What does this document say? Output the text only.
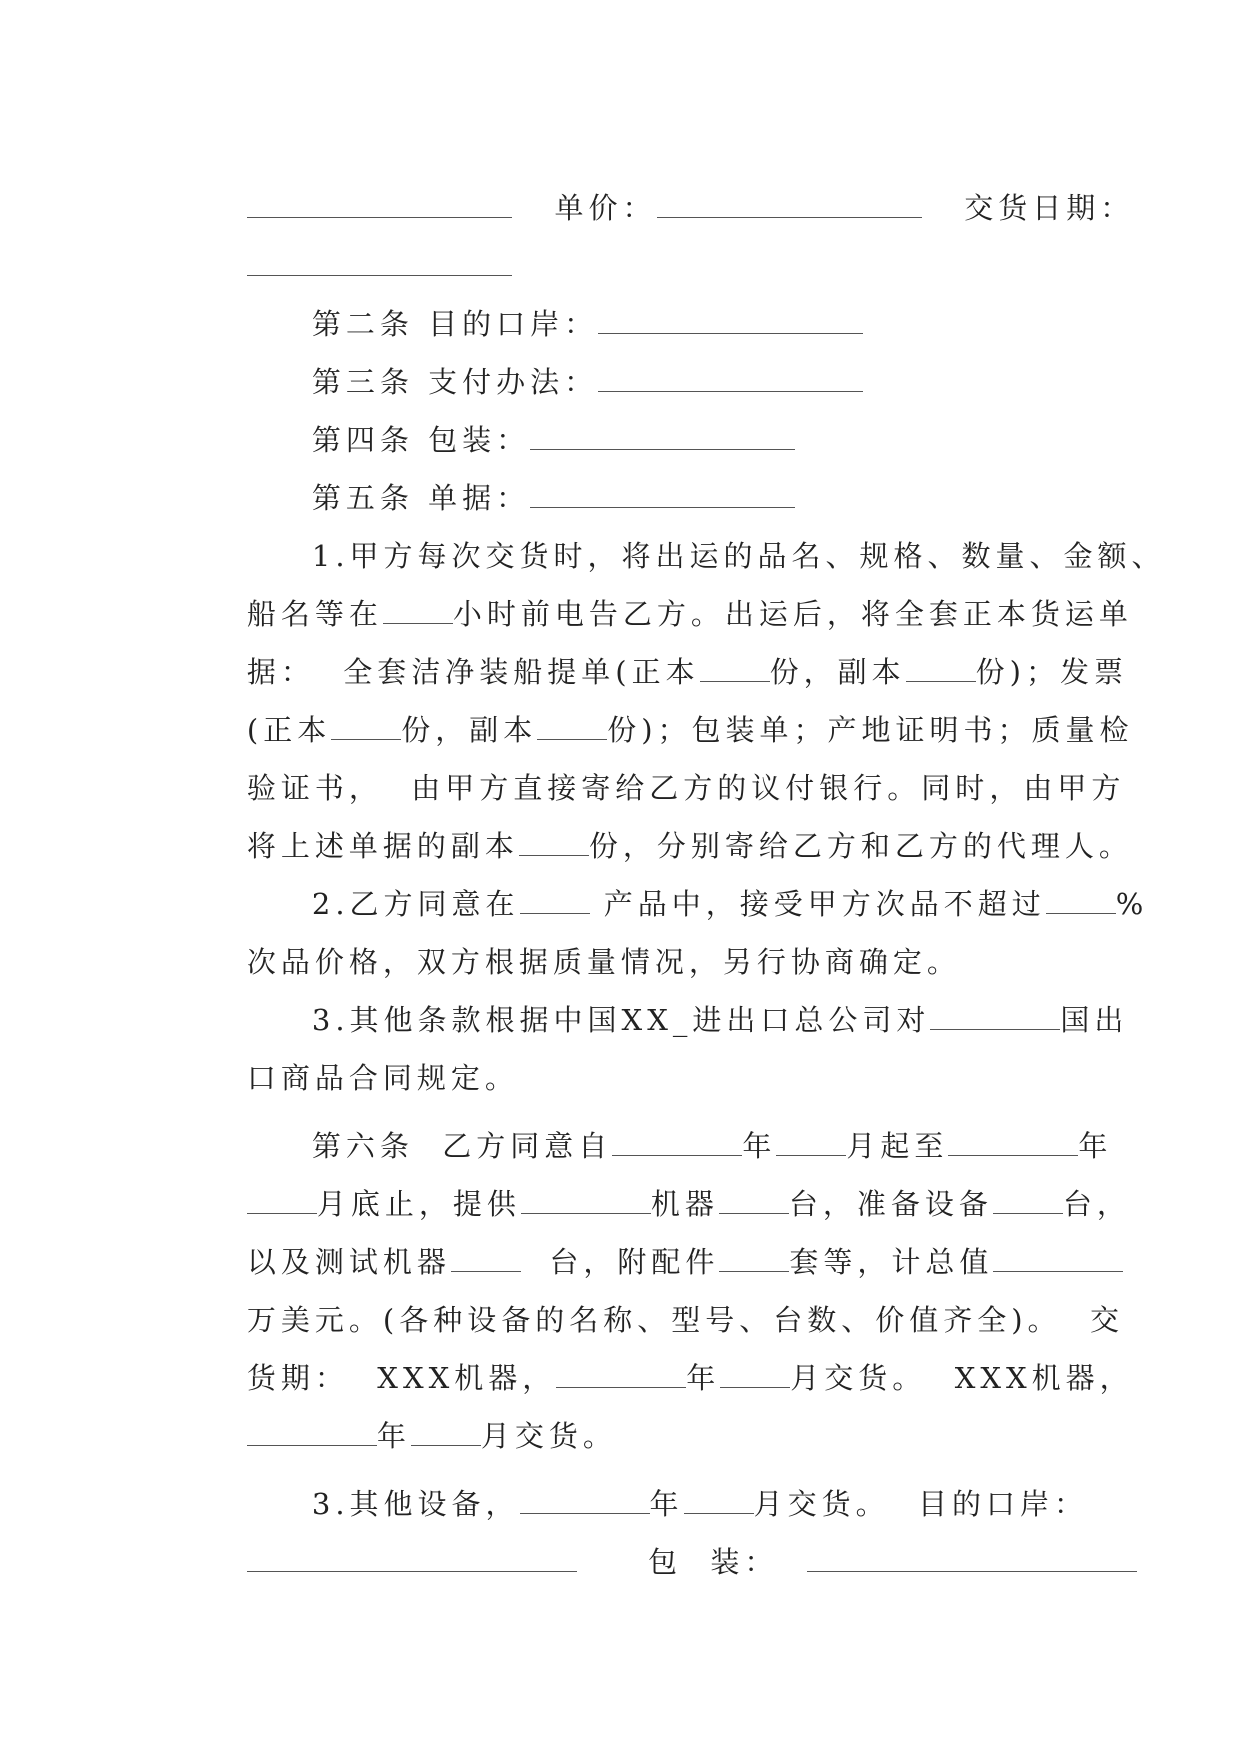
单价：	交货日期：

第二条 目的口岸：

第三条 支付办法：

第四条 包装：

第五条 单据：

1.甲方每次交货时，将出运的品名、规格、数量、金额、

船名等在 小时前电告乙方。出运后，将全套正本货运单

据：  全套洁净装船提单(正本 份，副本 份)；发票

(正本 份，副本 份)；包装单；产地证明书；质量检

验证书，  由甲方直接寄给乙方的议付银行。同时，由甲方

将上述单据的副本 份，分别寄给乙方和乙方的代理人。

2.乙方同意在 产品中，接受甲方次品不超过 %

次品价格，双方根据质量情况，另行协商确定。

3.其他条款根据中国XX_进出口总公司对	国出

口商品合同规定。

第六条  乙方同意自	年 月起至	年

月底止，提供	机器 台，准备设备 台，

以及测试机器  台，附配件 套等，计总值

万美元。(各种设备的名称、型号、台数、价值齐全)。  交

货期：  XXX机器，	年 月交货。  XXX机器，

年 月交货。

3.其他设备，	年 月交货。  目的口岸：

包  装：
